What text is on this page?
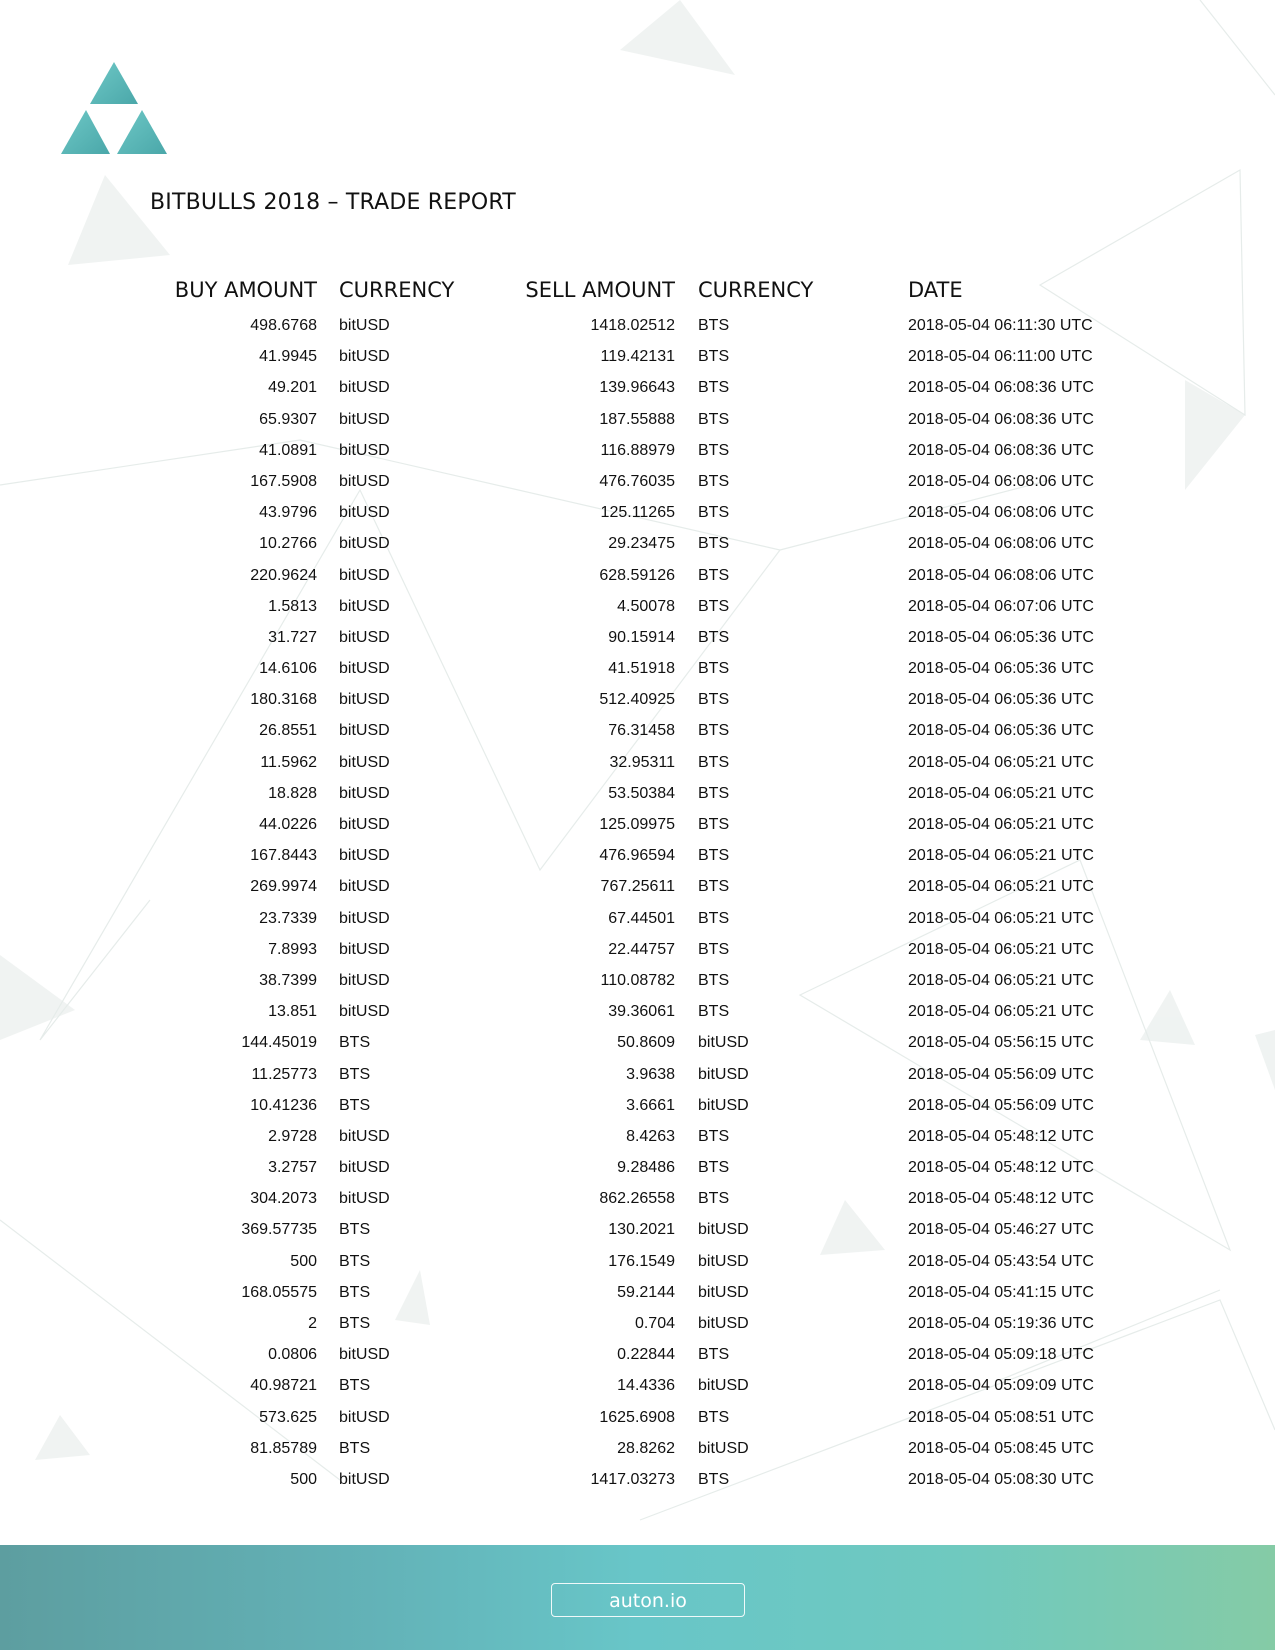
BITBULLS 2018 – TRADE REPORT
BUY AMOUNT CURRENCY	SELL AMOUNT CURRENCY	DATE
498.6768 bitUSD	1418.02512 BTS	2018-05-04 06:11:30 UTC
41.9945 bitUSD	119.42131 BTS	2018-05-04 06:11:00 UTC
49.201 bitUSD	139.96643 BTS	2018-05-04 06:08:36 UTC
65.9307 bitUSD	187.55888 BTS	2018-05-04 06:08:36 UTC
41.0891 bitUSD	116.88979 BTS	2018-05-04 06:08:36 UTC
167.5908 bitUSD	476.76035 BTS	2018-05-04 06:08:06 UTC
43.9796 bitUSD	125.11265 BTS	2018-05-04 06:08:06 UTC
10.2766 bitUSD	29.23475 BTS	2018-05-04 06:08:06 UTC
220.9624 bitUSD	628.59126 BTS	2018-05-04 06:08:06 UTC
1.5813 bitUSD	4.50078 BTS	2018-05-04 06:07:06 UTC
31.727 bitUSD	90.15914 BTS	2018-05-04 06:05:36 UTC
14.6106 bitUSD	41.51918 BTS	2018-05-04 06:05:36 UTC
180.3168 bitUSD	512.40925 BTS	2018-05-04 06:05:36 UTC
26.8551 bitUSD	76.31458 BTS	2018-05-04 06:05:36 UTC
11.5962 bitUSD	32.95311 BTS	2018-05-04 06:05:21 UTC
18.828 bitUSD	53.50384 BTS	2018-05-04 06:05:21 UTC
44.0226 bitUSD	125.09975 BTS	2018-05-04 06:05:21 UTC
167.8443 bitUSD	476.96594 BTS	2018-05-04 06:05:21 UTC
269.9974 bitUSD	767.25611 BTS	2018-05-04 06:05:21 UTC
23.7339 bitUSD	67.44501 BTS	2018-05-04 06:05:21 UTC
7.8993 bitUSD	22.44757 BTS	2018-05-04 06:05:21 UTC
38.7399 bitUSD	110.08782 BTS	2018-05-04 06:05:21 UTC
13.851 bitUSD	39.36061 BTS	2018-05-04 06:05:21 UTC
144.45019 BTS	50.8609 bitUSD	2018-05-04 05:56:15 UTC
11.25773 BTS	3.9638 bitUSD	2018-05-04 05:56:09 UTC
10.41236 BTS	3.6661 bitUSD	2018-05-04 05:56:09 UTC
2.9728 bitUSD	8.4263 BTS	2018-05-04 05:48:12 UTC
3.2757 bitUSD	9.28486 BTS	2018-05-04 05:48:12 UTC
304.2073 bitUSD	862.26558 BTS	2018-05-04 05:48:12 UTC
369.57735 BTS	130.2021 bitUSD	2018-05-04 05:46:27 UTC
500 BTS	176.1549 bitUSD	2018-05-04 05:43:54 UTC
168.05575 BTS	59.2144 bitUSD	2018-05-04 05:41:15 UTC
2 BTS	0.704 bitUSD	2018-05-04 05:19:36 UTC
0.0806 bitUSD	0.22844 BTS	2018-05-04 05:09:18 UTC
40.98721 BTS	14.4336 bitUSD	2018-05-04 05:09:09 UTC
573.625 bitUSD	1625.6908 BTS	2018-05-04 05:08:51 UTC
81.85789 BTS	28.8262 bitUSD	2018-05-04 05:08:45 UTC
500 bitUSD	1417.03273 BTS	2018-05-04 05:08:30 UTC
auton.io
